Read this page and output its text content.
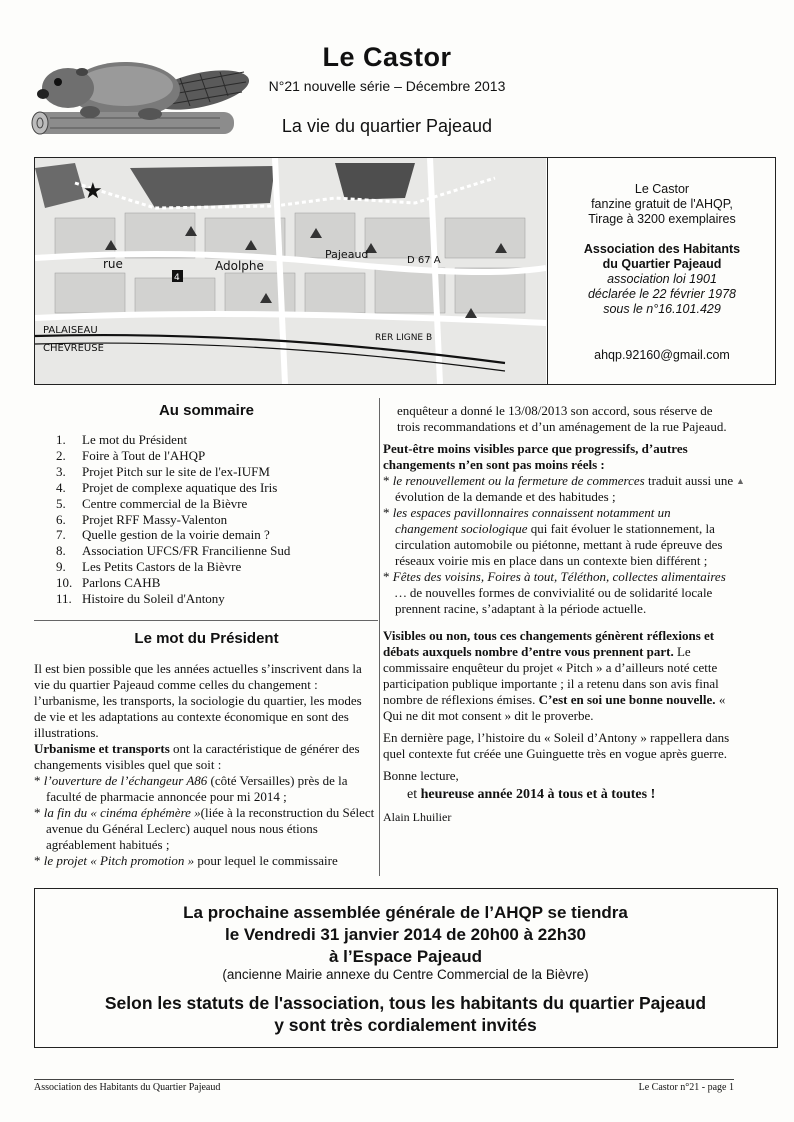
Le Castor
N°21 nouvelle série – Décembre 2013
La vie du quartier Pajeaud
★
4
Pajeaud
rue	Adolphe	D 67 A
PALAISEAU
CHEVREUSE
RER LIGNE B
Le Castor
fanzine gratuit de l'AHQP,
Tirage à 3200 exemplaires
Association des Habitants
du Quartier Pajeaud
association loi 1901
déclarée le 22 février 1978
sous le n°16.101.429
ahqp.92160@gmail.com
Au sommaire
1.	Le mot du Président
2.	Foire à Tout de l'AHQP
3.	Projet Pitch sur le site de l'ex-IUFM
4.	Projet de complexe aquatique des Iris
5.	Centre commercial de la Bièvre
6.	Projet RFF Massy-Valenton
7.	Quelle gestion de la voirie demain ?
8.	Association UFCS/FR Francilienne Sud
9.	Les Petits Castors de la Bièvre
10. Parlons CAHB
11. Histoire du Soleil d'Antony
Le mot du Président

Il est bien possible que les années actuelles s’inscrivent dans la vie du quartier Pajeaud comme celles du changement : l’urbanisme, les transports, la sociologie du quartier, les modes de vie et les adaptations au contexte économique en sont des illustrations.

Urbanisme et transports ont la caractéristique de générer des changements visibles quel que soit :

* l’ouverture de l’échangeur A86 (côté Versailles) près de la faculté de pharmacie annoncée pour mi 2014 ;

* la fin du « cinéma éphémère »(liée à la reconstruction du Sélect avenue du Général Leclerc) auquel nous nous étions agréablement habitués ;

* le projet « Pitch promotion » pour lequel le commissaire

enquêteur a donné le 13/08/2013 son accord, sous réserve de trois recommandations et d’un aménagement de la rue Pajeaud.

Peut-être moins visibles parce que progressifs, d’autres changements n’en sont pas moins réels :

* le renouvellement ou la fermeture de commerces traduit aussi une évolution de la demande et des habitudes ;

* les espaces pavillonnaires connaissent notamment un changement sociologique qui fait évoluer le stationnement, la circulation automobile ou piétonne, mettant à rude épreuve des réseaux voirie mis en place dans un contexte bien différent ;

* Fêtes des voisins, Foires à tout, Téléthon, collectes alimentaires … de nouvelles formes de convivialité ou de solidarité locale prennent racine, s’adaptant à la période actuelle.

Visibles ou non, tous ces changements génèrent réflexions et débats auxquels nombre d’entre vous prennent part. Le commissaire enquêteur du projet « Pitch » a d’ailleurs noté cette participation publique importante ; il a retenu dans son avis final nombre de réflexions émises. C’est en soi une bonne nouvelle. « Qui ne dit mot consent » dit le proverbe.

En dernière page, l’histoire du « Soleil d’Antony » rappellera dans quel contexte fut créée une Guinguette très en vogue après guerre.

Bonne lecture,

et heureuse année 2014 à tous et à toutes !

Alain Lhuilier

La prochaine assemblée générale de l’AHQP se tiendra
le Vendredi 31 janvier 2014 de 20h00 à 22h30
à l’Espace Pajeaud
(ancienne Mairie annexe du Centre Commercial de la Bièvre)
Selon les statuts de l'association, tous les habitants du quartier Pajeaud
y sont très cordialement invités
Association des Habitants du Quartier Pajeaud	Le Castor n°21 - page 1
▲
